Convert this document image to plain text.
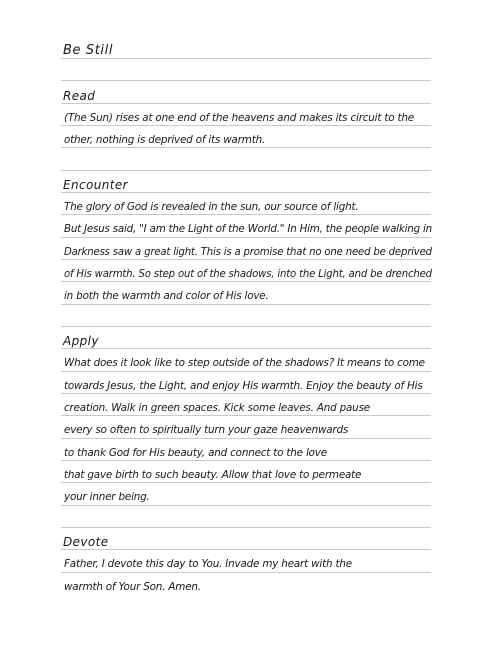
Be Still
Read
(The Sun) rises at one end of the heavens and makes its circuit to the
other, nothing is deprived of its warmth.
Encounter
The glory of God is revealed in the sun, our source of light.
But Jesus said, "I am the Light of the World." In Him, the people walking in
Darkness saw a great light. This is a promise that no one need be deprived
of His warmth. So step out of the shadows, into the Light, and be drenched
in both the warmth and color of His love.
Apply
What does it look like to step outside of the shadows? It means to come
towards Jesus, the Light, and enjoy His warmth. Enjoy the beauty of His
creation. Walk in green spaces. Kick some leaves. And pause
every so often to spiritually turn your gaze heavenwards
to thank God for His beauty, and connect to the love
that gave birth to such beauty. Allow that love to permeate
your inner being.
Devote
Father, I devote this day to You. Invade my heart with the
warmth of Your Son. Amen.
